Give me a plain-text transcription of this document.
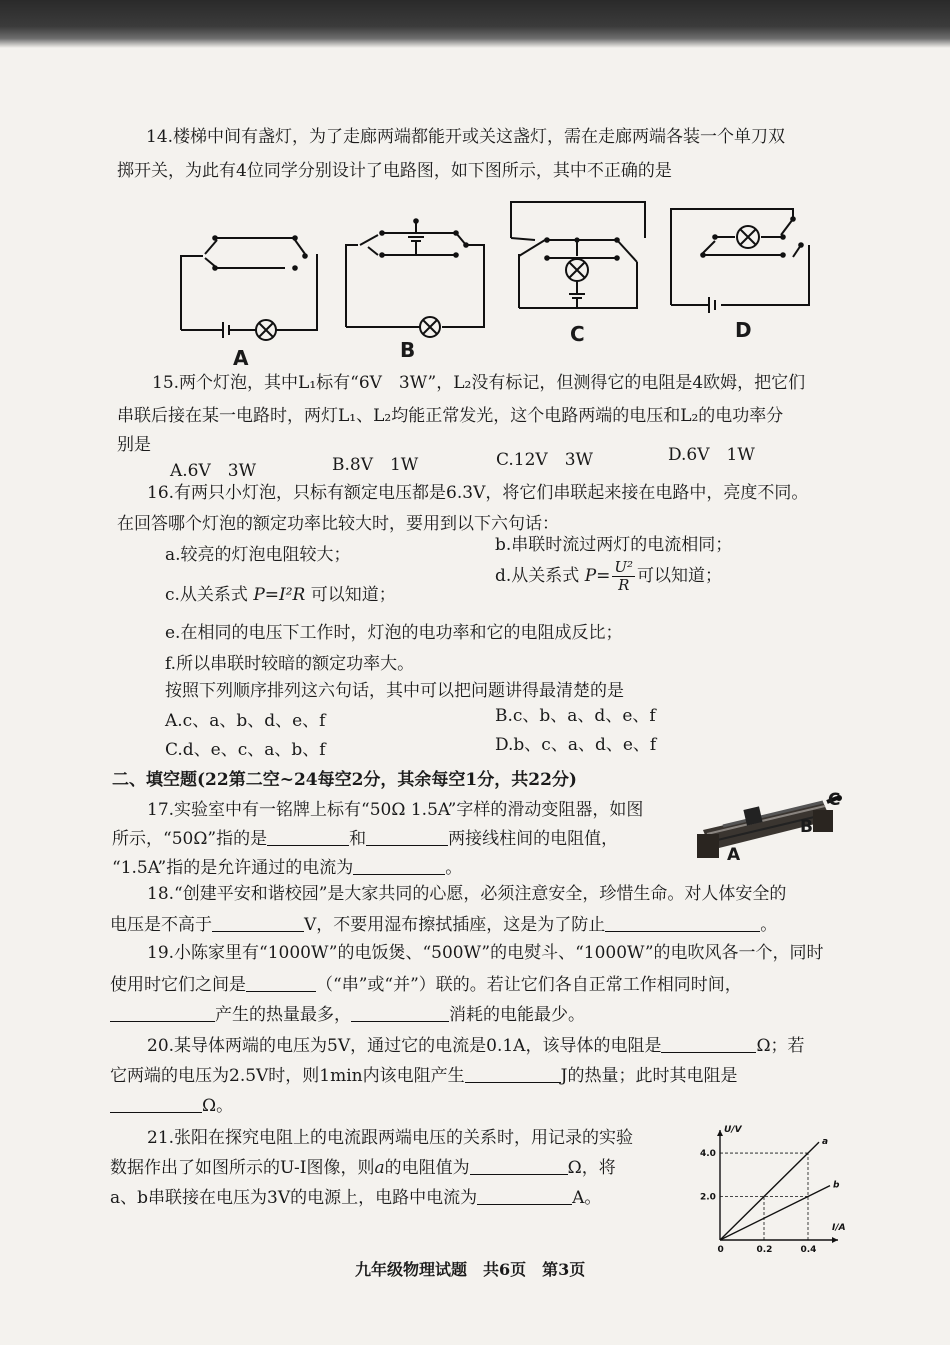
14.楼梯中间有盏灯，为了走廊两端都能开或关这盏灯，需在走廊两端各装一个单刀双
掷开关，为此有4位同学分别设计了电路图，如下图所示，其中不正确的是
A	B
C	D
15.两个灯泡，其中L₁标有“6V　3W”，L₂没有标记，但测得它的电阻是4欧姆，把它们
串联后接在某一电路时，两灯L₁、L₂均能正常发光，这个电路两端的电压和L₂的电功率分
别是
A.6V　3W	B.8V　1W	C.12V　3W	D.6V　1W
16.有两只小灯泡，只标有额定电压都是6.3V，将它们串联起来接在电路中，亮度不同。
在回答哪个灯泡的额定功率比较大时，要用到以下六句话：
a.较亮的灯泡电阻较大；	b.串联时流过两灯的电流相同；
c.从关系式 P=I²R 可以知道；
d.从关系式 $P= \frac{\text{U²}}{R}$ 可以知道；
e.在相同的电压下工作时，灯泡的电功率和它的电阻成反比；
f.所以串联时较暗的额定功率大。
按照下列顺序排列这六句话，其中可以把问题讲得最清楚的是
A.c、a、b、d、e、f	B.c、b、a、d、e、f
C.d、e、c、a、b、f	D.b、c、a、d、e、f
二、填空题(22第二空~24每空2分，其余每空1分，共22分)
17.实验室中有一铭牌上标有“50Ω 1.5A”字样的滑动变阻器，如图
所示，“50Ω”指的是	和	两接线柱间的电阻值，
“1.5A”指的是允许通过的电流为	。
C
B
A
18.“创建平安和谐校园”是大家共同的心愿，必须注意安全，珍惜生命。对人体安全的
电压是不高于	V，不要用湿布擦拭插座，这是为了防止	。
19.小陈家里有“1000W”的电饭煲、“500W”的电熨斗、“1000W”的电吹风各一个，同时
使用时它们之间是	（“串”或“并”）联的。若让它们各自正常工作相同时间，
产生的热量最多，	消耗的电能最少。
20.某导体两端的电压为5V，通过它的电流是0.1A，该导体的电阻是	Ω；若
它两端的电压为2.5V时，则1min内该电阻产生	J的热量；此时其电阻是
Ω。
21.张阳在探究电阻上的电流跟两端电压的关系时，用记录的实验
数据作出了如图所示的U-I图像，则a的电阻值为	Ω，将
a、b串联接在电压为3V的电源上，电路中电流为	A。
U/V
I/A
2.0
4.0
0	0.2	0.4
a
b
九年级物理试题　共6页　第3页
